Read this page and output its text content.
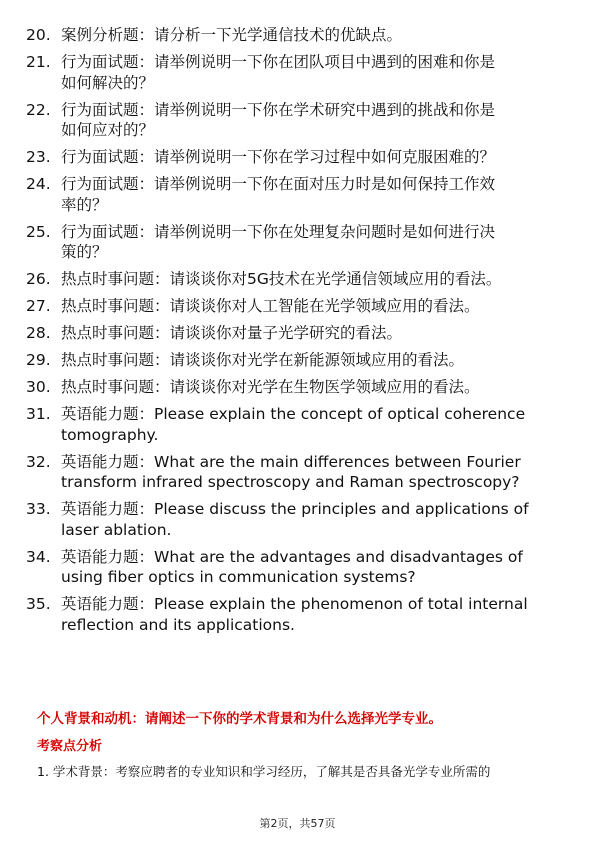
20. 案例分析题：请分析一下光学通信技术的优缺点。
21. 行为面试题：请举例说明一下你在团队项目中遇到的困难和你是
如何解决的？
22. 行为面试题：请举例说明一下你在学术研究中遇到的挑战和你是
如何应对的？
23. 行为面试题：请举例说明一下你在学习过程中如何克服困难的？
24. 行为面试题：请举例说明一下你在面对压力时是如何保持工作效
率的？
25. 行为面试题：请举例说明一下你在处理复杂问题时是如何进行决
策的？
26. 热点时事问题：请谈谈你对5G技术在光学通信领域应用的看法。
27. 热点时事问题：请谈谈你对人工智能在光学领域应用的看法。
28. 热点时事问题：请谈谈你对量子光学研究的看法。
29. 热点时事问题：请谈谈你对光学在新能源领域应用的看法。
30. 热点时事问题：请谈谈你对光学在生物医学领域应用的看法。
31. 英语能力题：Please explain the concept of optical coherence
tomography.
32. 英语能力题：What are the main differences between Fourier
transform infrared spectroscopy and Raman spectroscopy?
33. 英语能力题：Please discuss the principles and applications of
laser ablation.
34. 英语能力题：What are the advantages and disadvantages of
using fiber optics in communication systems?
35. 英语能力题：Please explain the phenomenon of total internal
reflection and its applications.
个人背景和动机：请阐述一下你的学术背景和为什么选择光学专业。
考察点分析
1. 学术背景：考察应聘者的专业知识和学习经历，了解其是否具备光学专业所需的
第2页，共57页
